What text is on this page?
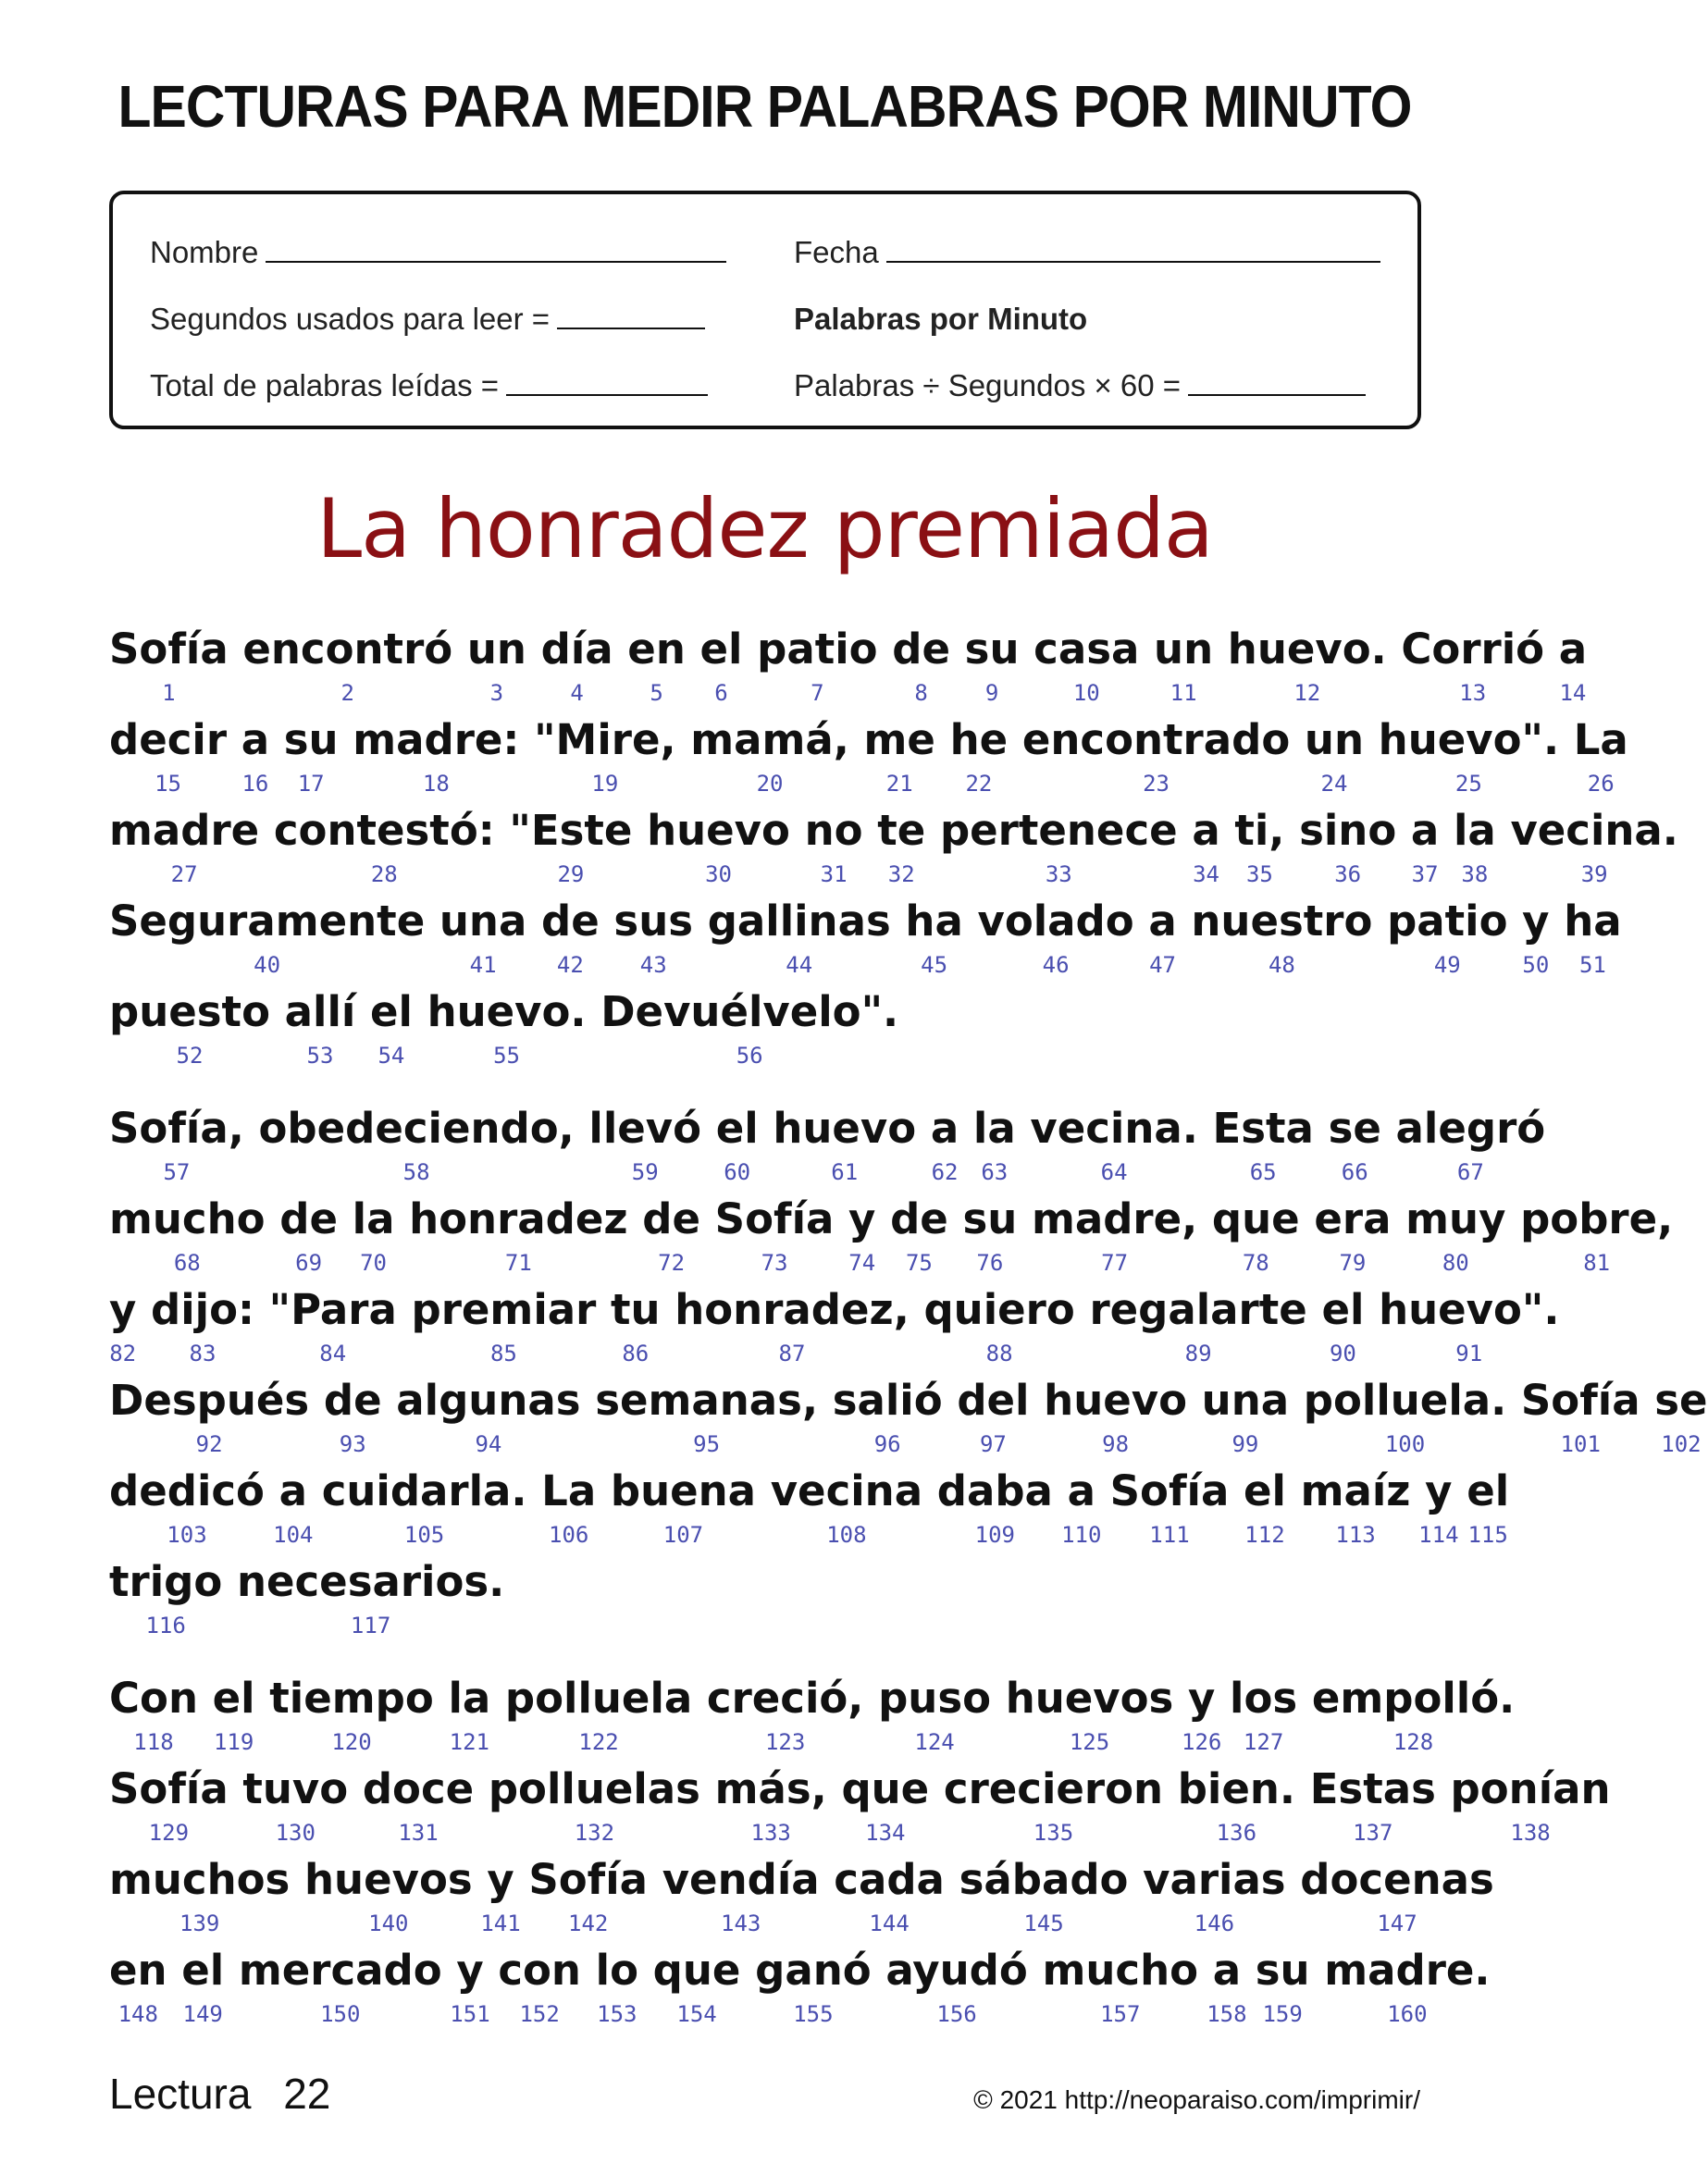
LECTURAS PARA MEDIR PALABRAS POR MINUTO
Nombre	Fecha
Segundos usados para leer =	Palabras por Minuto
Total de palabras leídas =	Palabras ÷ Segundos × 60 =
La honradez premiada
Sofía encontró un día en el patio de su casa un huevo. Corrió a
1	2	3	4	5 6	7	8	9	10	11	12	13	14
decir a su madre: "Mire, mamá, me he encontrado un huevo". La
15	16 17	18	19	20	21 22	23	24	25	26
madre contestó: "Este huevo no te pertenece a ti, sino a la vecina.
27	28	29	30	31 32	33	34 35	36 37 38	39
Seguramente una de sus gallinas ha volado a nuestro patio y ha
40	41	42	43	44	45	46	47	48	49	50 51
puesto allí el huevo. Devuélvelo".
52	53 54	55	56
Sofía, obedeciendo, llevó el huevo a la vecina. Esta se alegró
57	58	59	60	61	62 63	64	65	66	67
mucho de la honradez de Sofía y de su madre, que era muy pobre,
68	69 70	71	72	73	74 75 76	77	78	79	80	81
y dijo: "Para premiar tu honradez, quiero regalarte el huevo".
82 83	84	85	86	87	88	89	90	91
Después de algunas semanas, salió del huevo una polluela. Sofía se
92	93	94	95	96	97	98	99	100	101	102
dedicó a cuidarla. La buena vecina daba a Sofía el maíz y el
103	104	105	106	107	108	109 110 111 112 113 114 115
trigo necesarios.
116	117
Con el tiempo la polluela creció, puso huevos y los empolló.
118 119	120	121	122	123	124	125	126 127	128
Sofía tuvo doce polluelas más, que crecieron bien. Estas ponían
129	130	131	132	133	134	135	136	137	138
muchos huevos y Sofía vendía cada sábado varias docenas
139	140	141 142	143	144	145	146	147
en el mercado y con lo que ganó ayudó mucho a su madre.
148 149	150	151 152 153 154	155	156	157	158 159	160
Lectura 22	© 2021 http://neoparaiso.com/imprimir/
